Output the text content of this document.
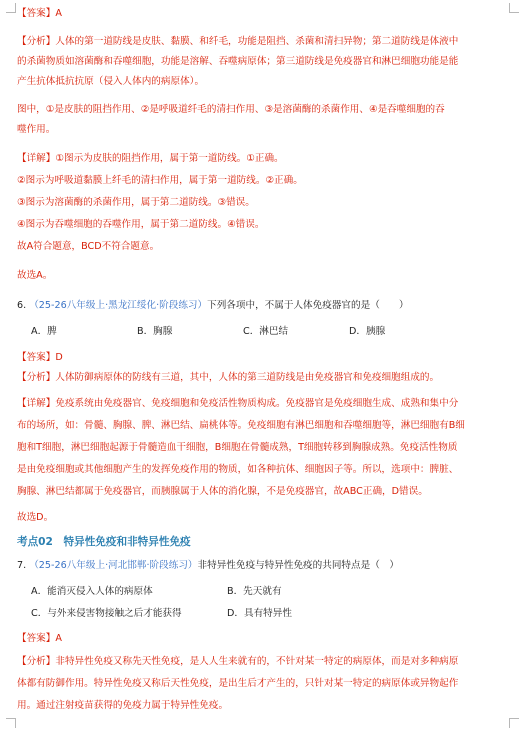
【答案】A
【分析】人体的第一道防线是皮肤、黏膜、和纤毛，功能是阻挡、杀菌和清扫异物；第二道防线是体液中
的杀菌物质如溶菌酶和吞噬细胞，功能是溶解、吞噬病原体；第三道防线是免疫器官和淋巴细胞功能是能
产生抗体抵抗抗原（侵入人体内的病原体）。
图中，①是皮肤的阻挡作用、②是呼吸道纤毛的清扫作用、③是溶菌酶的杀菌作用、④是吞噬细胞的吞
噬作用。
【详解】①图示为皮肤的阻挡作用，属于第一道防线。①正确。
②图示为呼吸道黏膜上纤毛的清扫作用，属于第一道防线。②正确。
③图示为溶菌酶的杀菌作用，属于第二道防线。③错误。
④图示为吞噬细胞的吞噬作用，属于第二道防线。④错误。
故A符合题意，BCD不符合题意。
故选A。
6. （25-26八年级上·黑龙江绥化·阶段练习）下列各项中，不属于人体免疫器官的是（　　）
A．脾	B．胸腺	C．淋巴结	D．胰腺
【答案】D
【分析】人体防御病原体的防线有三道，其中，人体的第三道防线是由免疫器官和免疫细胞组成的。
【详解】免疫系统由免疫器官、免疫细胞和免疫活性物质构成。免疫器官是免疫细胞生成、成熟和集中分
布的场所，如：骨髓、胸腺、脾、淋巴结、扁桃体等。免疫细胞有淋巴细胞和吞噬细胞等，淋巴细胞有B细
胞和T细胞，淋巴细胞起源于骨髓造血干细胞，B细胞在骨髓成熟，T细胞转移到胸腺成熟。免疫活性物质
是由免疫细胞或其他细胞产生的发挥免疫作用的物质，如各种抗体、细胞因子等。所以，选项中：脾脏、
胸腺、淋巴结都属于免疫器官，而胰腺属于人体的消化腺，不是免疫器官，故ABC正确，D错误。
故选D。
考点02　特异性免疫和非特异性免疫
7. （25-26八年级上·河北邯郸·阶段练习）非特异性免疫与特异性免疫的共同特点是（　）
A．能消灭侵入人体的病原体	B．先天就有
C．与外来侵害物接触之后才能获得	D．具有特异性
【答案】A
【分析】非特异性免疫又称先天性免疫，是人人生来就有的，不针对某一特定的病原体，而是对多种病原
体都有防御作用。特异性免疫又称后天性免疫，是出生后才产生的，只针对某一特定的病原体或异物起作
用。通过注射疫苗获得的免疫力属于特异性免疫。
